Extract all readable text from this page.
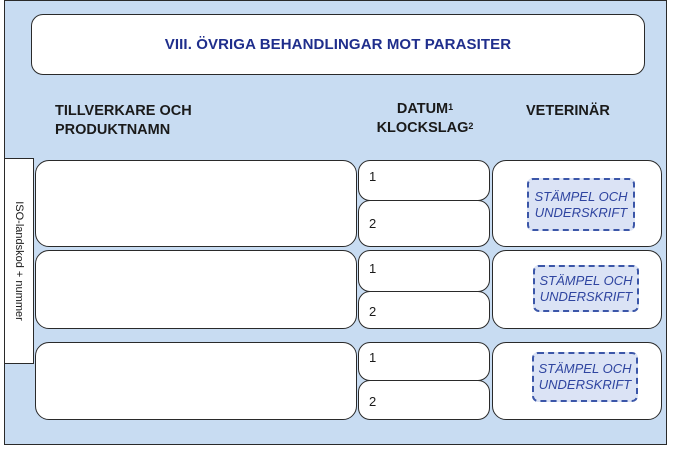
VIII. ÖVRIGA BEHANDLINGAR MOT PARASITER
TILLVERKARE OCH
PRODUKTNAMN
DATUM$^1$
KLOCKSLAG$^2$
VETERINÄR
ISO-landskod + nummer
1
2
STÄMPEL OCH
UNDERSKRIFT
1
2
STÄMPEL OCH
UNDERSKRIFT
1
2
STÄMPEL OCH
UNDERSKRIFT
